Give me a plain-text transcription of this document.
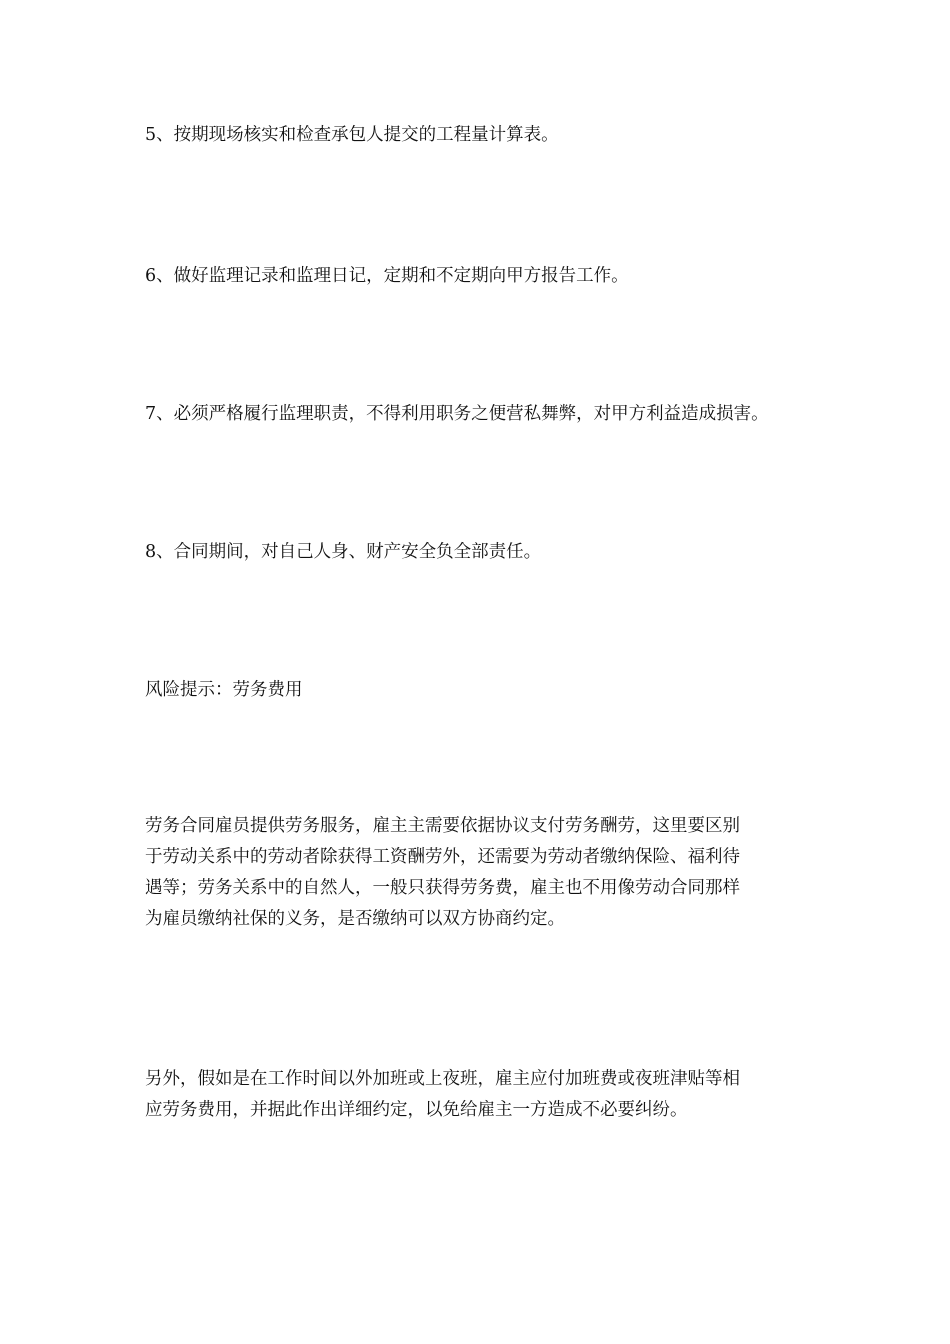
5、按期现场核实和检查承包人提交的工程量计算表。

6、做好监理记录和监理日记，定期和不定期向甲方报告工作。

7、必须严格履行监理职责，不得利用职务之便营私舞弊，对甲方利益造成损害。

8、合同期间，对自己人身、财产安全负全部责任。

风险提示：劳务费用

劳务合同雇员提供劳务服务，雇主主需要依据协议支付劳务酬劳，这里要区别
于劳动关系中的劳动者除获得工资酬劳外，还需要为劳动者缴纳保险、福利待
遇等；劳务关系中的自然人，一般只获得劳务费，雇主也不用像劳动合同那样
为雇员缴纳社保的义务，是否缴纳可以双方协商约定。
另外，假如是在工作时间以外加班或上夜班，雇主应付加班费或夜班津贴等相
应劳务费用，并据此作出详细约定，以免给雇主一方造成不必要纠纷。
